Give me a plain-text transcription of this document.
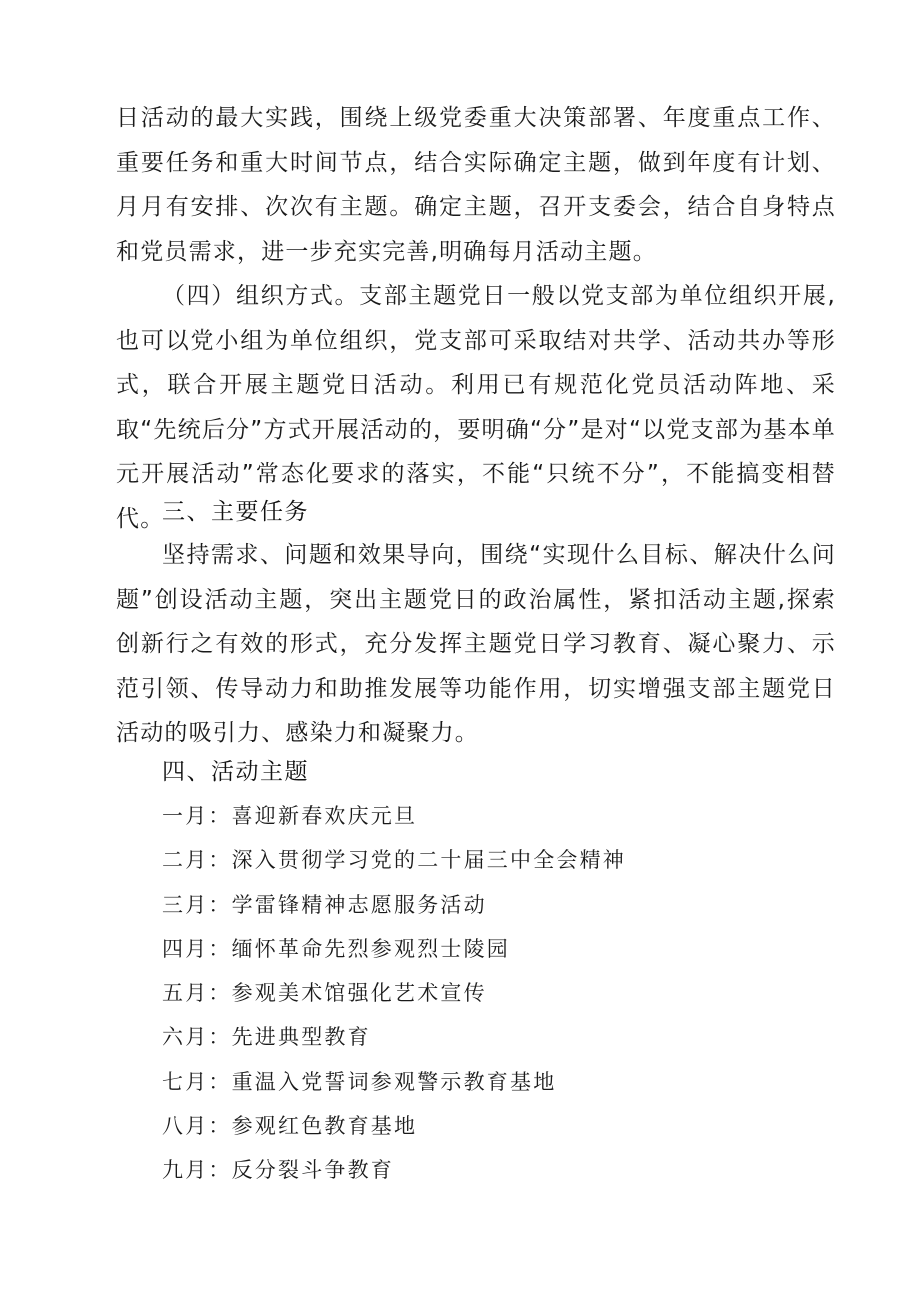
日活动的最大实践，围绕上级党委重大决策部署、年度重点工作、重要任务和重大时间节点，结合实际确定主题，做到年度有计划、月月有安排、次次有主题。确定主题，召开支委会，结合自身特点和党员需求，进一步充实完善,明确每月活动主题。

（四）组织方式。支部主题党日一般以党支部为单位组织开展,也可以党小组为单位组织，党支部可采取结对共学、活动共办等形式，联合开展主题党日活动。利用已有规范化党员活动阵地、采取“先统后分”方式开展活动的，要明确“分”是对“以党支部为基本单元开展活动”常态化要求的落实，不能“只统不分”，不能搞变相替代。

三、主要任务

坚持需求、问题和效果导向，围绕“实现什么目标、解决什么问题”创设活动主题，突出主题党日的政治属性，紧扣活动主题,探索创新行之有效的形式，充分发挥主题党日学习教育、凝心聚力、示范引领、传导动力和助推发展等功能作用，切实增强支部主题党日活动的吸引力、感染力和凝聚力。

四、活动主题
一月：喜迎新春欢庆元旦
二月：深入贯彻学习党的二十届三中全会精神
三月：学雷锋精神志愿服务活动
四月：缅怀革命先烈参观烈士陵园
五月：参观美术馆强化艺术宣传
六月：先进典型教育
七月：重温入党誓词参观警示教育基地
八月：参观红色教育基地
九月：反分裂斗争教育
